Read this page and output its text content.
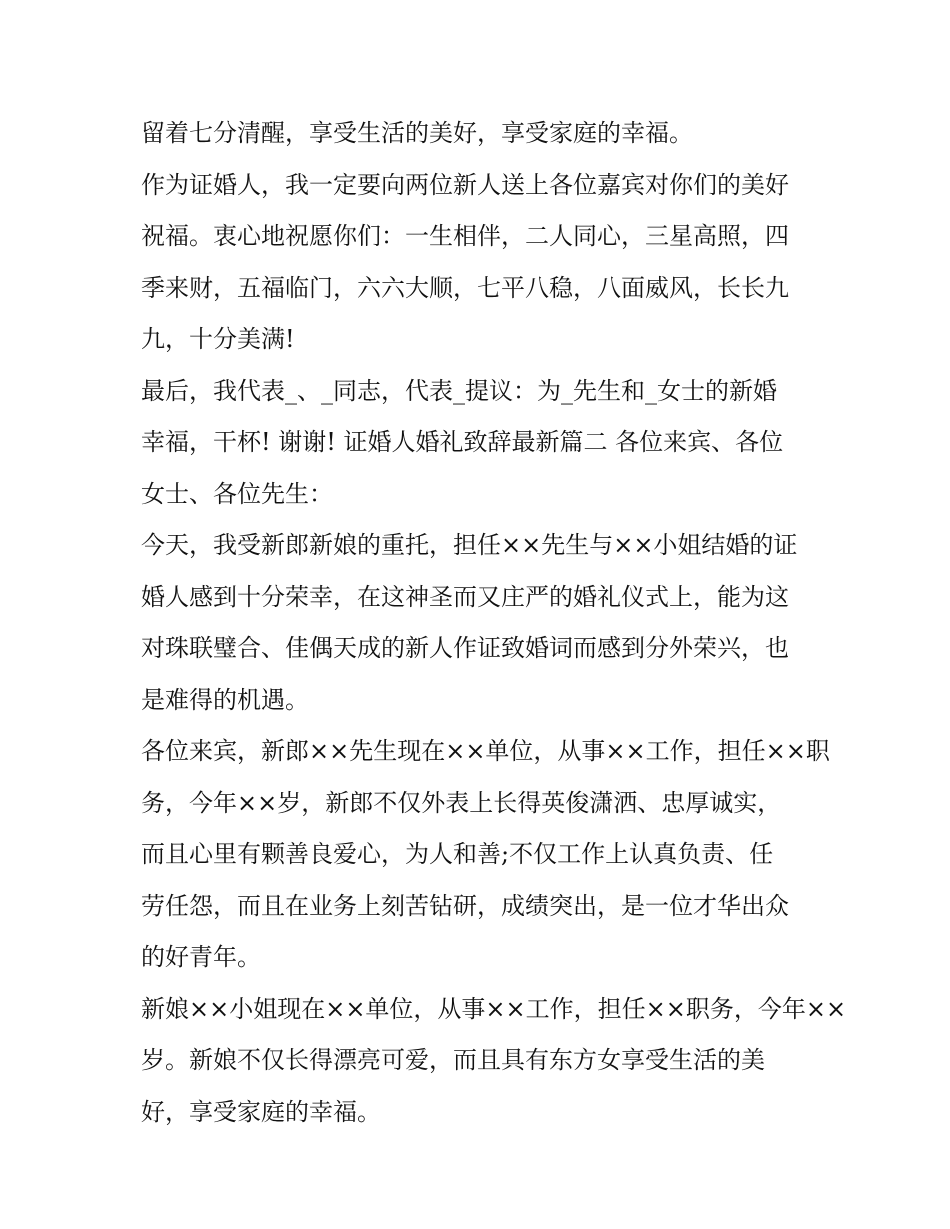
留着七分清醒，享受生活的美好，享受家庭的幸福。
作为证婚人，我一定要向两位新人送上各位嘉宾对你们的美好
祝福。衷心地祝愿你们：一生相伴，二人同心，三星高照，四
季来财，五福临门，六六大顺，七平八稳，八面威风，长长九
九，十分美满!
最后，我代表_、_同志，代表_提议：为_先生和_女士的新婚
幸福，干杯! 谢谢! 证婚人婚礼致辞最新篇二 各位来宾、各位
女士、各位先生：
今天，我受新郎新娘的重托，担任××先生与××小姐结婚的证
婚人感到十分荣幸，在这神圣而又庄严的婚礼仪式上，能为这
对珠联璧合、佳偶天成的新人作证致婚词而感到分外荣兴，也
是难得的机遇。
各位来宾，新郎××先生现在××单位，从事××工作，担任××职
务，今年××岁，新郎不仅外表上长得英俊潇洒、忠厚诚实，
而且心里有颗善良爱心，为人和善;不仅工作上认真负责、任
劳任怨，而且在业务上刻苦钻研，成绩突出，是一位才华出众
的好青年。
新娘××小姐现在××单位，从事××工作，担任××职务，今年××
岁。新娘不仅长得漂亮可爱，而且具有东方女享受生活的美
好，享受家庭的幸福。
